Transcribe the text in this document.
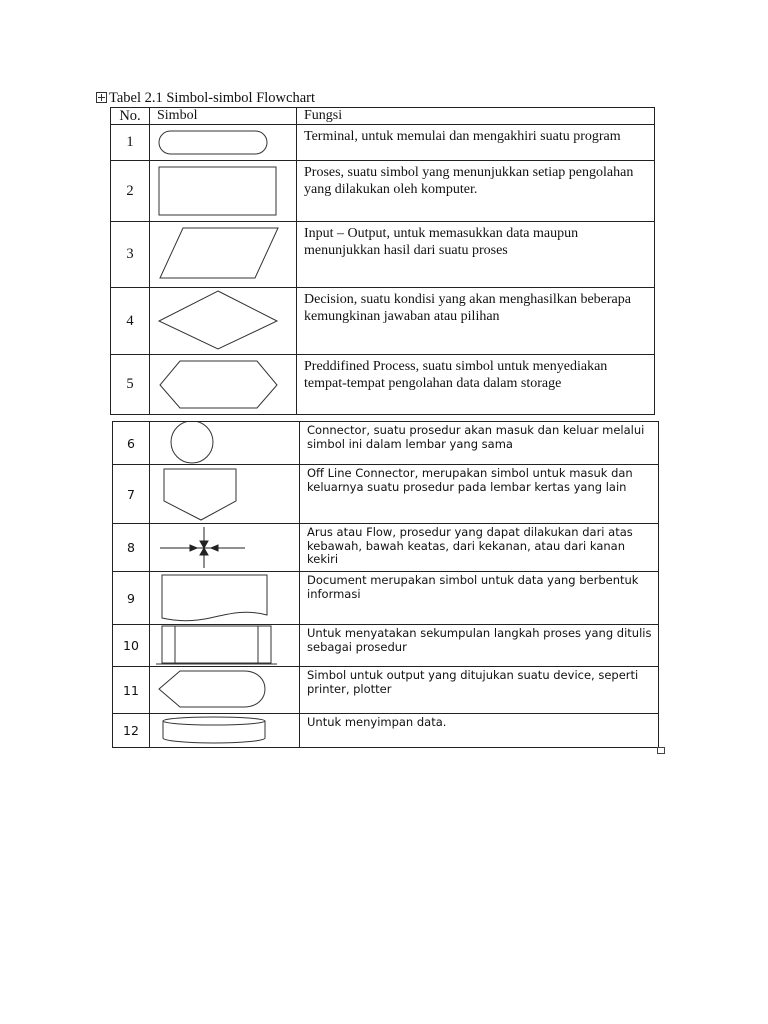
Tabel 2.1 Simbol-simbol Flowchart
No.	Simbol	Fungsi
1		Terminal, untuk memulai dan mengakhiri suatu program
2		Proses, suatu simbol yang menunjukkan setiap pengolahan yang dilakukan oleh komputer.
3		Input – Output, untuk memasukkan data maupun menunjukkan hasil dari suatu proses
4		Decision, suatu kondisi yang akan menghasilkan beberapa kemungkinan jawaban atau pilihan
5		Preddifined Process, suatu simbol untuk menyediakan tempat-tempat pengolahan data dalam storage
6		Connector, suatu prosedur akan masuk dan keluar melalui simbol ini dalam lembar yang sama
7		Off Line Connector, merupakan simbol untuk masuk dan keluarnya suatu prosedur pada lembar kertas yang lain
8		Arus atau Flow, prosedur yang dapat dilakukan dari atas kebawah, bawah keatas, dari kekanan, atau dari kanan kekiri
9		Document merupakan simbol untuk data yang berbentuk informasi
10		Untuk menyatakan sekumpulan langkah proses yang ditulis sebagai prosedur
11		Simbol untuk output yang ditujukan suatu device, seperti printer, plotter
12		Untuk menyimpan data.
